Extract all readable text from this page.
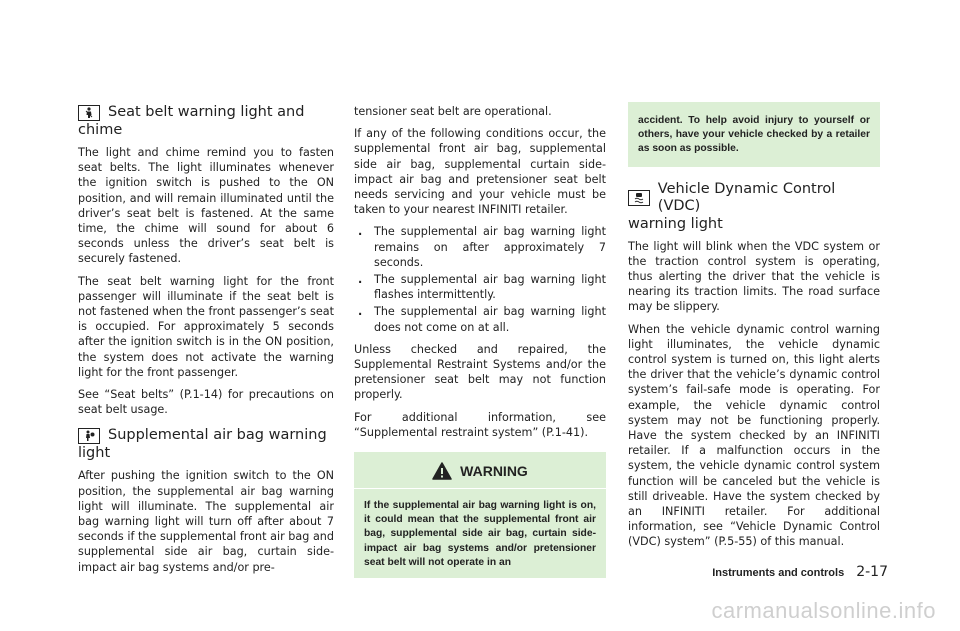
Seat belt warning light and
chime

The light and chime remind you to fasten seat belts. The light illuminates whenever the ignition switch is pushed to the ON position, and will remain illuminated until the driver’s seat belt is fastened. At the same time, the chime will sound for about 6 seconds unless the driver’s seat belt is securely fastened.

The seat belt warning light for the front passenger will illuminate if the seat belt is not fastened when the front passenger’s seat is occupied. For approximately 5 seconds after the ignition switch is in the ON position, the system does not activate the warning light for the front passenger.

See “Seat belts” (P.1-14) for precautions on seat belt usage.

Supplemental air bag warning
light

After pushing the ignition switch to the ON position, the supplemental air bag warning light will illuminate. The supplemental air bag warning light will turn off after about 7 seconds if the supplemental front air bag and supplemental side air bag, curtain side-impact air bag systems and/or pre-

tensioner seat belt are operational.

If any of the following conditions occur, the supplemental front air bag, supplemental side air bag, supplemental curtain side-impact air bag and pretensioner seat belt needs servicing and your vehicle must be taken to your nearest INFINITI retailer.

. The supplemental air bag warning light remains on after approximately 7 seconds.
. The supplemental air bag warning light flashes intermittently.
. The supplemental air bag warning light does not come on at all.

Unless checked and repaired, the Supplemental Restraint Systems and/or the pretensioner seat belt may not function properly.

For additional information, see “Supplemental restraint system” (P.1-41).

WARNING

If the supplemental air bag warning light is on, it could mean that the supplemental front air bag, supplemental side air bag, curtain side-impact air bag systems and/or pretensioner seat belt will not operate in an

accident. To help avoid injury to yourself or others, have your vehicle checked by a retailer as soon as possible.

Vehicle Dynamic Control (VDC)
warning light

The light will blink when the VDC system or the traction control system is operating, thus alerting the driver that the vehicle is nearing its traction limits. The road surface may be slippery.

When the vehicle dynamic control warning light illuminates, the vehicle dynamic control system is turned on, this light alerts the driver that the vehicle’s dynamic control system’s fail-safe mode is operating. For example, the vehicle dynamic control system may not be functioning properly. Have the system checked by an INFINITI retailer. If a malfunction occurs in the system, the vehicle dynamic control system function will be canceled but the vehicle is still driveable. Have the system checked by an INFINITI retailer. For additional information, see “Vehicle Dynamic Control (VDC) system” (P.5-55) of this manual.

Instruments and controls 2-17
carmanualsonline.info
